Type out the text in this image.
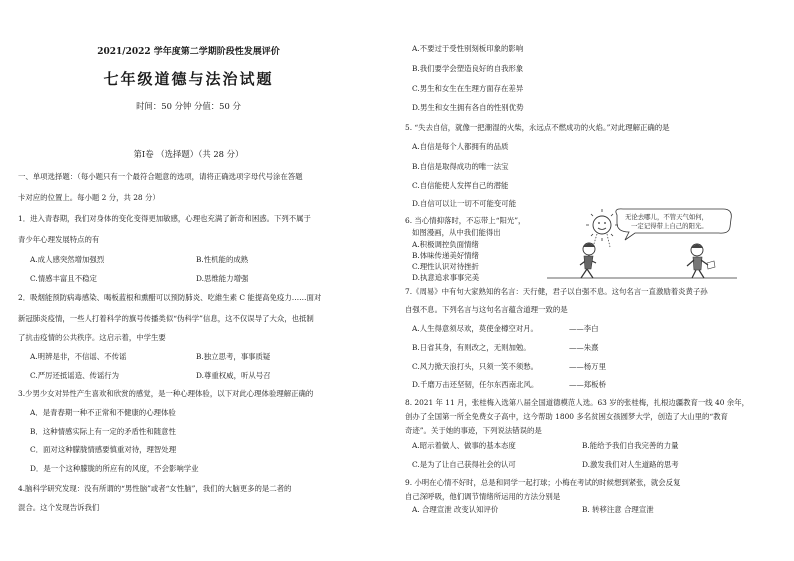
2021/2022 学年度第二学期阶段性发展评价
七年级道德与法治试题
时间：50 分钟 分值：50 分
第Ⅰ卷 （选择题）（共 28 分）
一、单项选择题：（每小题只有一个最符合题意的选项，请将正确选项字母代号涂在答题
卡对应的位置上。每小题 2 分，共 28 分）
1．进入青春期，我们对身体的变化变得更加敏感，心理也充满了新奇和困惑。下列不属于
青少年心理发展特点的有
A.成人感突然增加强烈	B.性机能的成熟
C.情感丰富且不稳定	D.思维能力增强
2．吸烟能预防病毒感染、喝板蓝根和熏醋可以预防肺炎、吃維生素 C 能提高免疫力……面对
新冠肺炎疫情，一些人打着科学的旗号传播类似“伪科学”信息，这不仅误导了大众，也抵制
了抗击疫情的公共秩序。这启示着，中学生要
A.明辨是非，不信谣、不传谣	B.独立思考，事事质疑
C.严厉还抵谣造、传谣行为	D.尊重权威，听从号召
3.少男少女对异性产生喜欢和欣赏的感觉，是一种心理体验，以下对此心理体验理解正确的
A．是青春期一种不正常和不健康的心理体验
B．这种情感实际上有一定的矛盾性和随意性
C．面对这种朦胧情感要慎重对待，理智处理
D．是一个这种朦胧的所应有的风度，不会影响学业
4.脑科学研究发现：没有所谓的“男性脑”或者“女性脑”，我们的大脑更多的是二者的
混合。这个发现告诉我们
A.不要过于受性别刻板印象的影响
B.我们要学会塑造良好的自我形象
C.男生和女生在生理方面存在差异
D.男生和女生拥有各自的性别优势
5. “失去自信，就像一把潮湿的火柴，永远点不燃成功的火焰。”对此理解正确的是
A.自信是每个人都拥有的品质
B.自信是取得成功的唯一法宝
C.自信能使人发挥自己的潜能
D.自信可以让一切不可能变可能
6. 当心情抑落时，不忘带上“阳光”，
如图漫画，从中我们能得出
A.积极调控负面情绪
B.体味传递美好情绪
C.理性认识对待挫折
D.执意追求事事完美
无论去哪儿，不管天气如何，
一定记得带上自己的阳光。
7.《周易》中有句大家熟知的名言：天行健，君子以自强不息。这句名言一直激励着炎黄子孙
自强不息。下列名言与这句名言蕴含道理一致的是
A.人生得意须尽欢，莫使金樽空对月。	——李白
B.日省其身，有则改之，无则加勉。	——朱熹
C.风力掀天浪打头，只须一笑不须愁。	——杨万里
D.千磨万击还坚韧，任尔东西南北风。	——郑板桥
8. 2021 年 11 月，张桂梅入选第八届全国道德模范人选。63 岁的张桂梅，扎根边疆教育一线 40 余年，
创办了全国第一所全免费女子高中，这今帮助 1800 多名贫困女孩圆梦大学，创造了大山里的“教育
奇迹”。关于她的事迹，下列说法错误的是
A.昭示着做人、做事的基本态度	B.能给予我们自我完善的力量
C.是为了让自己获得社会的认可	D.激发我们对人生道路的思考
9. 小明在心情不好时，总是和同学一起打球；小梅在考试的时候想到紧张，就会反复
自己深呼吸，他们调节情绪所运用的方法分别是
A. 合理宣泄 改变认知评价	B. 转移注意 合理宣泄
